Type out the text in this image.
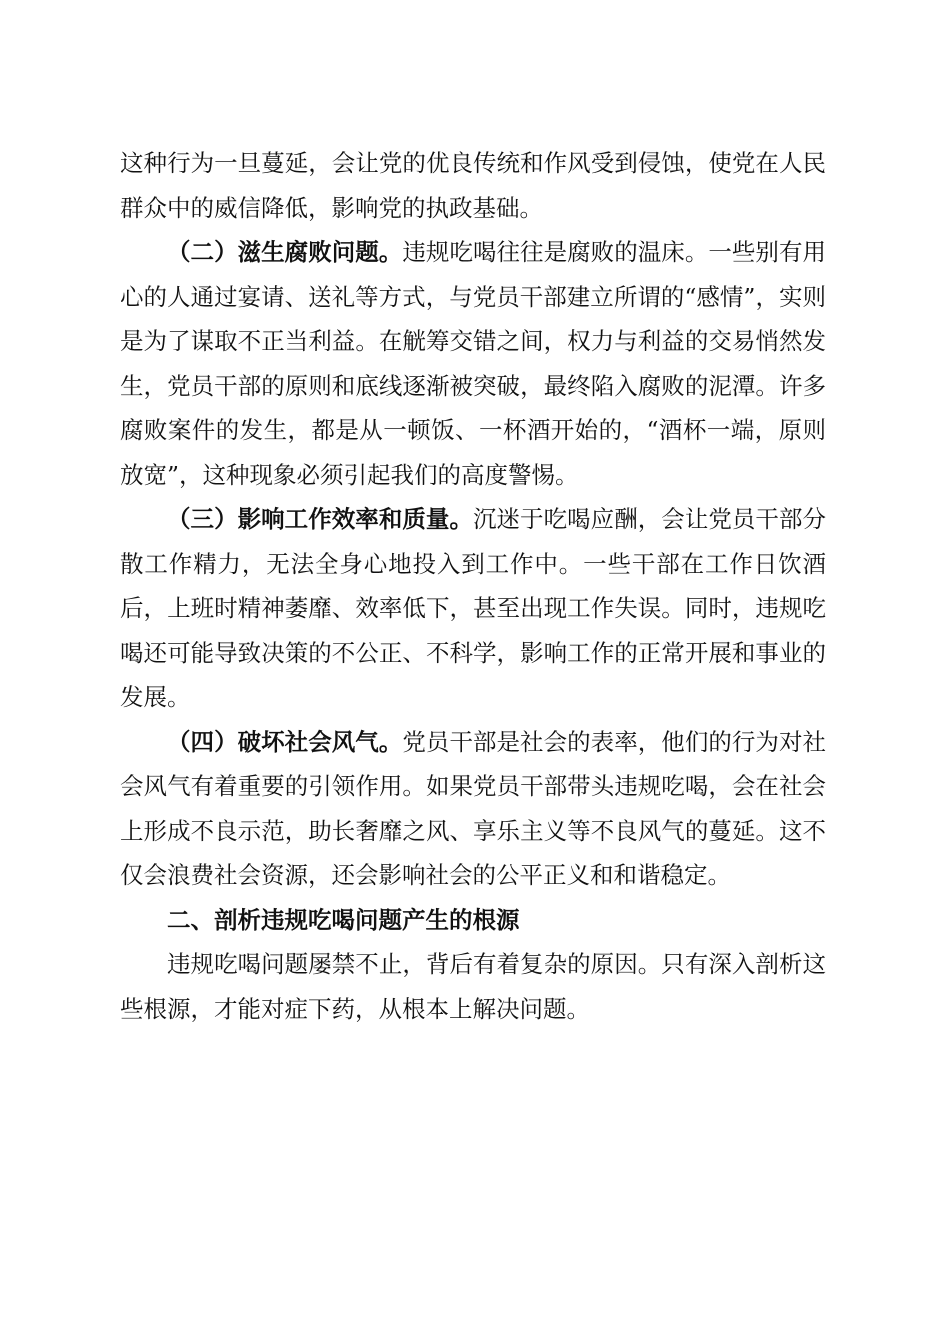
这种行为一旦蔓延，会让党的优良传统和作风受到侵蚀，使党在人民群众中的威信降低，影响党的执政基础。

（二）滋生腐败问题。违规吃喝往往是腐败的温床。一些别有用心的人通过宴请、送礼等方式，与党员干部建立所谓的“感情”，实则是为了谋取不正当利益。在觥筹交错之间，权力与利益的交易悄然发生，党员干部的原则和底线逐渐被突破，最终陷入腐败的泥潭。许多腐败案件的发生，都是从一顿饭、一杯酒开始的，“酒杯一端，原则放宽”，这种现象必须引起我们的高度警惕。

（三）影响工作效率和质量。沉迷于吃喝应酬，会让党员干部分散工作精力，无法全身心地投入到工作中。一些干部在工作日饮酒后，上班时精神萎靡、效率低下，甚至出现工作失误。同时，违规吃喝还可能导致决策的不公正、不科学，影响工作的正常开展和事业的发展。

（四）破坏社会风气。党员干部是社会的表率，他们的行为对社会风气有着重要的引领作用。如果党员干部带头违规吃喝，会在社会上形成不良示范，助长奢靡之风、享乐主义等不良风气的蔓延。这不仅会浪费社会资源，还会影响社会的公平正义和和谐稳定。

二、剖析违规吃喝问题产生的根源

违规吃喝问题屡禁不止，背后有着复杂的原因。只有深入剖析这些根源，才能对症下药，从根本上解决问题。
